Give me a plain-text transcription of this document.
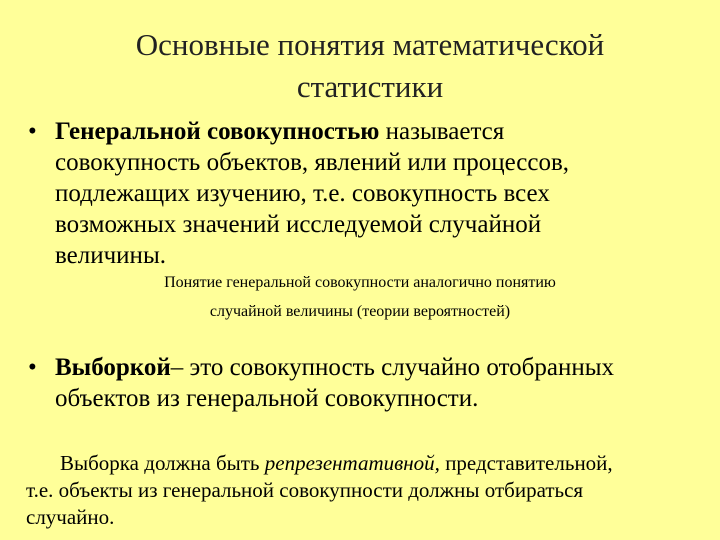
Основные понятия математической
статистики
• Генеральной совокупностью называется
совокупность объектов, явлений или процессов,
подлежащих изучению, т.е. совокупность всех
возможных значений исследуемой случайной
величины.
Понятие генеральной совокупности аналогично понятию
случайной величины (теории вероятностей)
• Выборкой– это совокупность случайно отобранных
объектов из генеральной совокупности.
Выборка должна быть репрезентативной, представительной,
т.е. объекты из генеральной совокупности должны отбираться
случайно.
